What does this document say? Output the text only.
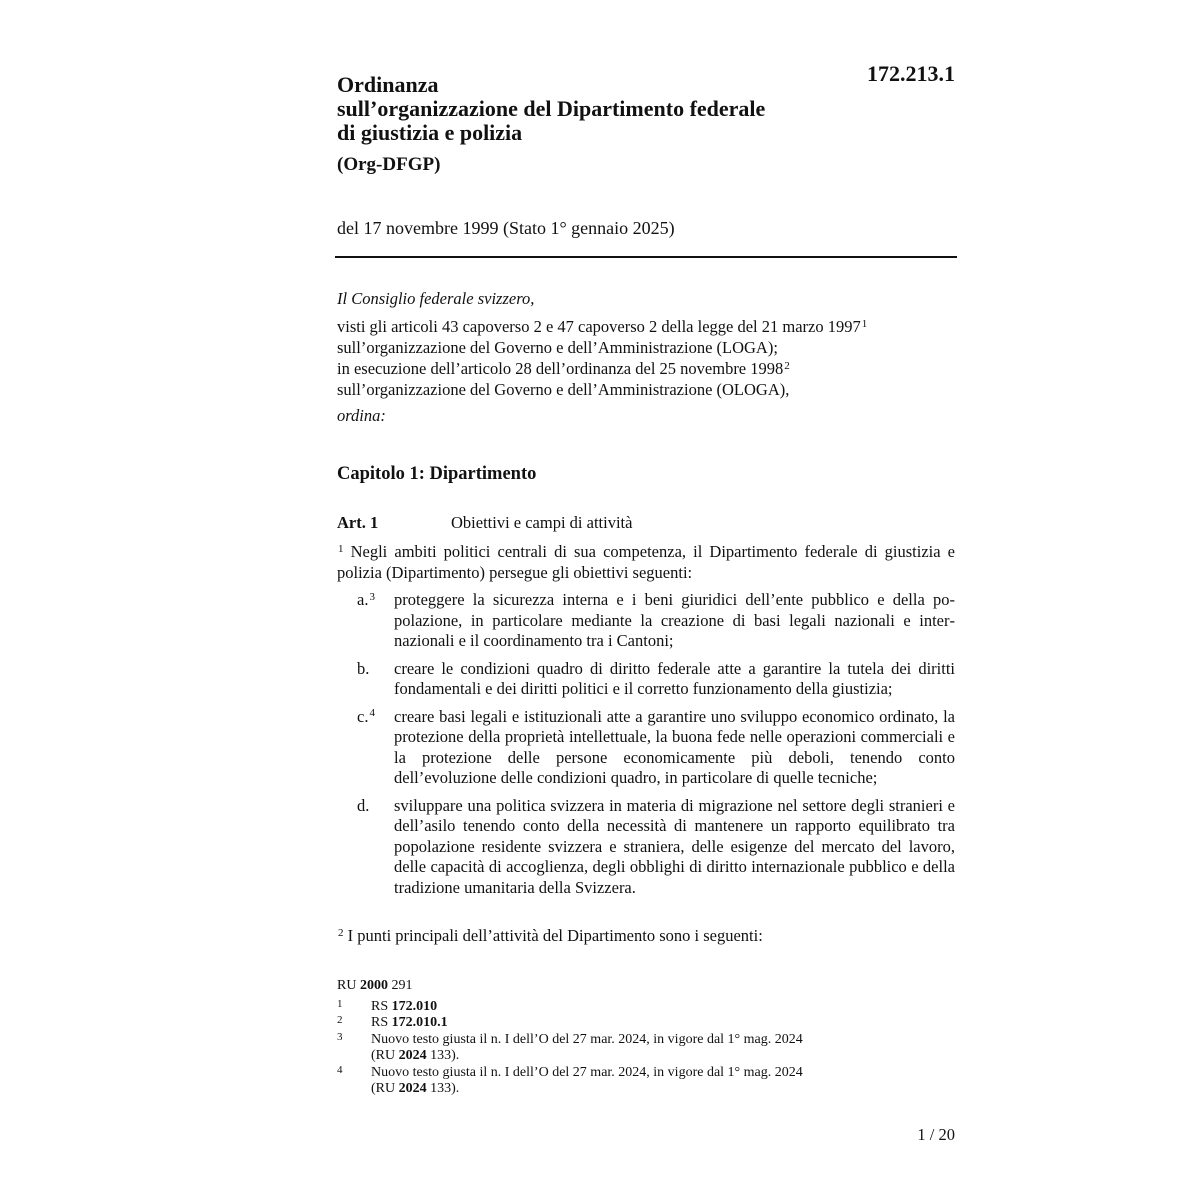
172.213.1
Ordinanza
sull’organizzazione del Dipartimento federale
di giustizia e polizia
(Org-DFGP)
del 17 novembre 1999 (Stato 1° gennaio 2025)
Il Consiglio federale svizzero,
visti gli articoli 43 capoverso 2 e 47 capoverso 2 della legge del 21 marzo 1997$^1$
sull’organizzazione del Governo e dell’Amministrazione (LOGA);
in esecuzione dell’articolo 28 dell’ordinanza del 25 novembre 1998$^2$
sull’organizzazione del Governo e dell’Amministrazione (OLOGA),
ordina:
Capitolo 1: Dipartimento
Art. 1	Obiettivi e campi di attività
$^1$ Negli ambiti politici centrali di sua competenza, il Dipartimento federale di giustizia e polizia (Dipartimento) persegue gli obiettivi seguenti:
a.$^3$ proteggere la sicurezza interna e i beni giuridici dell’ente pubblico e della popolazione, in particolare mediante la creazione di basi legali nazionali e internazionali e il coordinamento tra i Cantoni;
b. creare le condizioni quadro di diritto federale atte a garantire la tutela dei diritti fondamentali e dei diritti politici e il corretto funzionamento della giustizia;
c.$^4$ creare basi legali e istituzionali atte a garantire uno sviluppo economico ordinato, la protezione della proprietà intellettuale, la buona fede nelle operazioni commerciali e la protezione delle persone economicamente più deboli, tenendo conto dell’evoluzione delle condizioni quadro, in particolare di quelle tecniche;
d. sviluppare una politica svizzera in materia di migrazione nel settore degli stranieri e dell’asilo tenendo conto della necessità di mantenere un rapporto equilibrato tra popolazione residente svizzera e straniera, delle esigenze del mercato del lavoro, delle capacità di accoglienza, degli obblighi di diritto internazionale pubblico e della tradizione umanitaria della Svizzera.
$^2$ I punti principali dell’attività del Dipartimento sono i seguenti:
RU 2000 291
1 RS 172.010
2 RS 172.010.1
3 Nuovo testo giusta il n. I dell’O del 27 mar. 2024, in vigore dal 1° mag. 2024
(RU 2024 133).
4 Nuovo testo giusta il n. I dell’O del 27 mar. 2024, in vigore dal 1° mag. 2024
(RU 2024 133).
1 / 20
